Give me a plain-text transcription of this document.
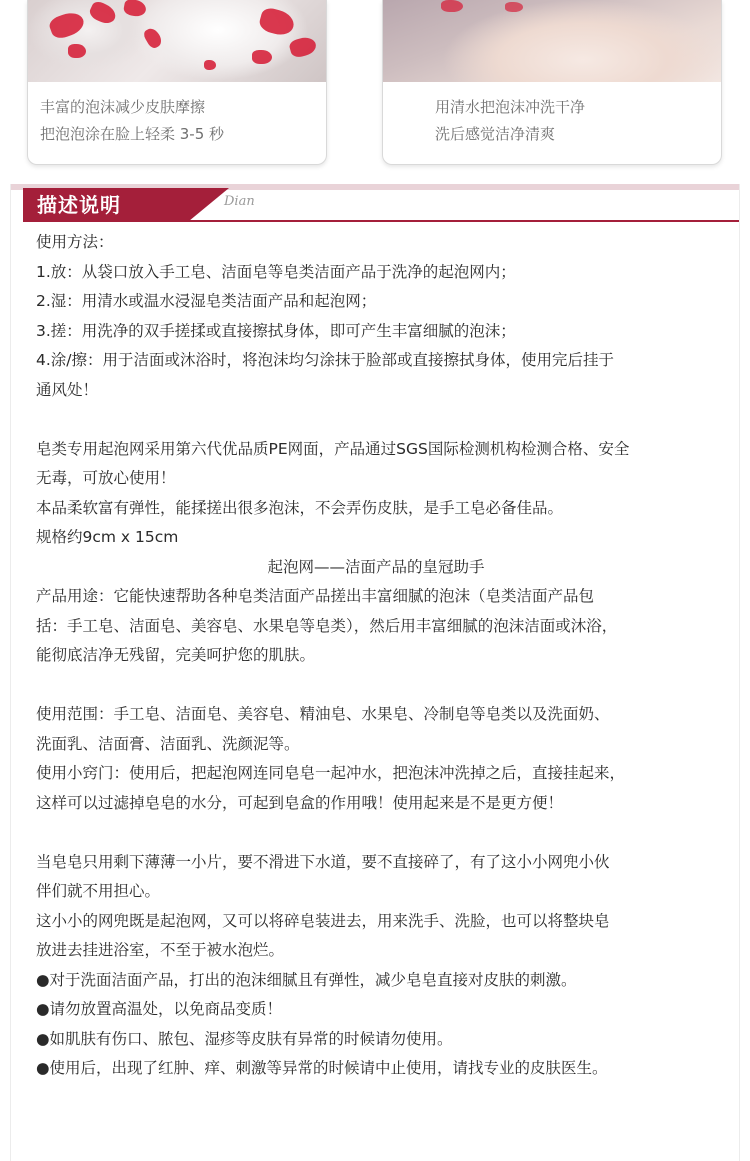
丰富的泡沫减少皮肤摩擦

把泡泡涂在脸上轻柔 3-5 秒

用清水把泡沫冲洗干净

洗后感觉洁净清爽

描述说明	Dian

使用方法：

1.放：从袋口放入手工皂、洁面皂等皂类洁面产品于洗净的起泡网内；

2.湿：用清水或温水浸湿皂类洁面产品和起泡网；

3.搓：用洗净的双手搓揉或直接擦拭身体，即可产生丰富细腻的泡沫；

4.涂/擦：用于洁面或沐浴时，将泡沫均匀涂抹于脸部或直接擦拭身体，使用完后挂于

通风处！

皂类专用起泡网采用第六代优品质PE网面，产品通过SGS国际检测机构检测合格、安全

无毒，可放心使用！

本品柔软富有弹性，能揉搓出很多泡沫，不会弄伤皮肤，是手工皂必备佳品。

规格约9cm x 15cm

起泡网——洁面产品的皇冠助手

产品用途：它能快速帮助各种皂类洁面产品搓出丰富细腻的泡沫（皂类洁面产品包

括：手工皂、洁面皂、美容皂、水果皂等皂类），然后用丰富细腻的泡沫洁面或沐浴，

能彻底洁净无残留，完美呵护您的肌肤。

使用范围：手工皂、洁面皂、美容皂、精油皂、水果皂、冷制皂等皂类以及洗面奶、

洗面乳、洁面膏、洁面乳、洗颜泥等。

使用小窍门：使用后，把起泡网连同皂皂一起冲水，把泡沫冲洗掉之后，直接挂起来，

这样可以过滤掉皂皂的水分，可起到皂盒的作用哦！使用起来是不是更方便！

当皂皂只用剩下薄薄一小片，要不滑进下水道，要不直接碎了，有了这小小网兜小伙

伴们就不用担心。

这小小的网兜既是起泡网，又可以将碎皂装进去，用来洗手、洗脸，也可以将整块皂

放进去挂进浴室，不至于被水泡烂。

●对于洗面洁面产品，打出的泡沫细腻且有弹性，减少皂皂直接对皮肤的刺激。

●请勿放置高温处，以免商品变质！

●如肌肤有伤口、脓包、湿疹等皮肤有异常的时候请勿使用。

●使用后，出现了红肿、痒、刺激等异常的时候请中止使用，请找专业的皮肤医生。
